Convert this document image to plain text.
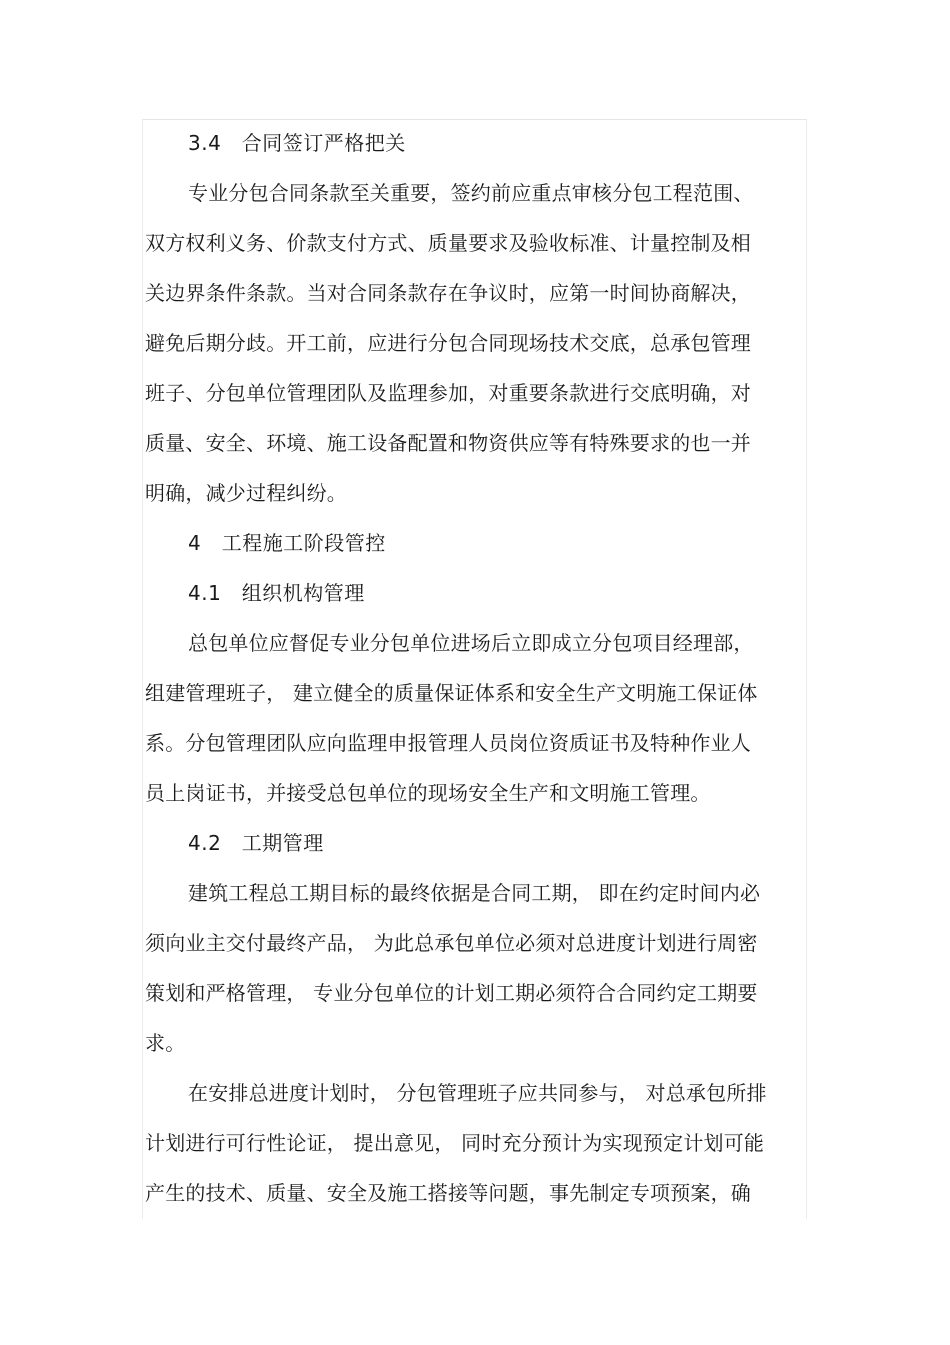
3.4　合同签订严格把关
专业分包合同条款至关重要，签约前应重点审核分包工程范围、
双方权利义务、价款支付方式、质量要求及验收标准、计量控制及相
关边界条件条款。当对合同条款存在争议时，应第一时间协商解决，
避免后期分歧。开工前，应进行分包合同现场技术交底，总承包管理
班子、分包单位管理团队及监理参加，对重要条款进行交底明确，对
质量、安全、环境、施工设备配置和物资供应等有特殊要求的也一并
明确，减少过程纠纷。
4　工程施工阶段管控
4.1　组织机构管理
总包单位应督促专业分包单位进场后立即成立分包项目经理部，
组建管理班子， 建立健全的质量保证体系和安全生产文明施工保证体
系。分包管理团队应向监理申报管理人员岗位资质证书及特种作业人
员上岗证书，并接受总包单位的现场安全生产和文明施工管理。
4.2　工期管理
建筑工程总工期目标的最终依据是合同工期， 即在约定时间内必
须向业主交付最终产品， 为此总承包单位必须对总进度计划进行周密
策划和严格管理， 专业分包单位的计划工期必须符合合同约定工期要
求。
在安排总进度计划时， 分包管理班子应共同参与， 对总承包所排
计划进行可行性论证， 提出意见， 同时充分预计为实现预定计划可能
产生的技术、质量、安全及施工搭接等问题，事先制定专项预案，确
